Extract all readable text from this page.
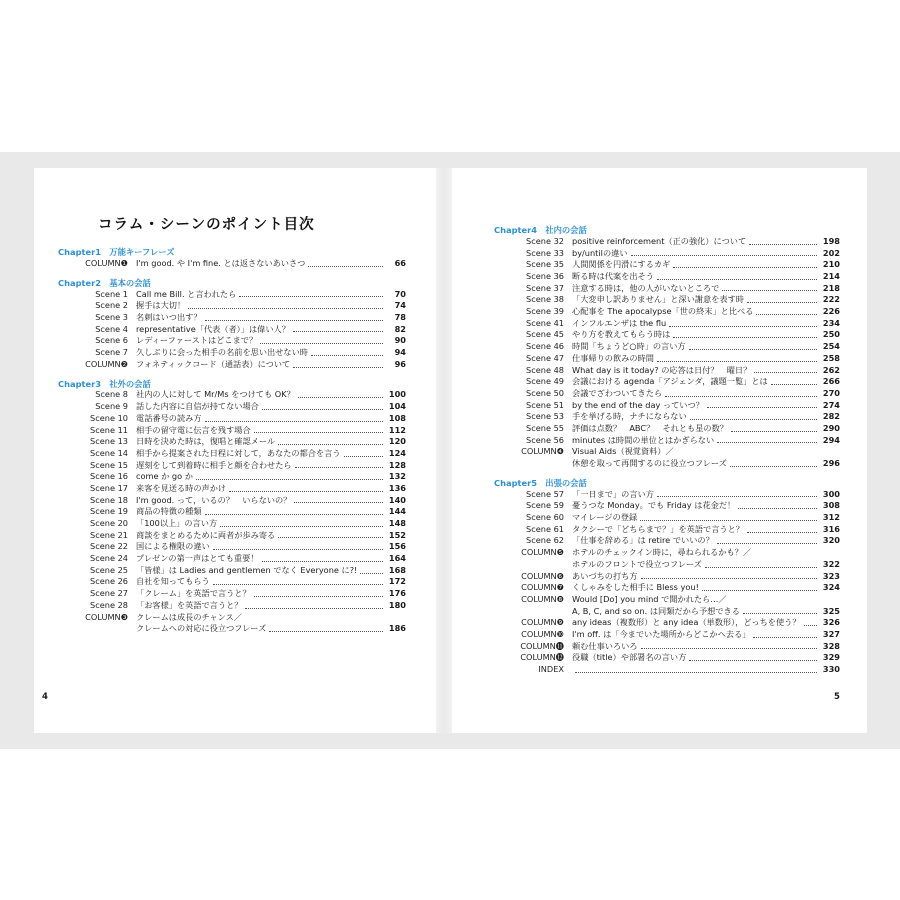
コラム・シーンのポイント目次
Chapter1　万能キーフレーズ
COLUMN❶ I'm good. や I'm fine. とは返さないあいさつ	66
Chapter2　基本の会話
Scene 1 Call me Bill. と言われたら	70
Scene 2 握手は大切！	74
Scene 3 名刺はいつ出す？	78
Scene 4 representative「代表（者）」は偉い人？	82
Scene 6 レディーファーストはどこまで？	90
Scene 7 久しぶりに会った相手の名前を思い出せない時	94
COLUMN❷ フォネティックコード（通話表）について	96
Chapter3　社外の会話
Scene 8 社内の人に対して Mr/Ms をつけても OK？	100
Scene 9 話した内容に自信が持てない場合	104
Scene 10 電話番号の読み方	108
Scene 11 相手の留守電に伝言を残す場合	112
Scene 13 日時を決めた時は，復唱と確認メール	120
Scene 14 相手から提案された日程に対して，あなたの都合を言う	124
Scene 15 遅刻をして到着時に相手と顔を合わせたら	128
Scene 16 come か go か	132
Scene 17 来客を見送る時の声かけ	136
Scene 18 I'm good. って，いるの？　いらないの？	140
Scene 19 商品の特徴の種類	144
Scene 20 「100以上」の言い方	148
Scene 21 商談をまとめるために両者が歩み寄る	152
Scene 22 国による権限の違い	156
Scene 24 プレゼンの第一声はとても重要！	164
Scene 25 「皆様」は Ladies and gentlemen でなく Everyone に?!	168
Scene 26 自社を知ってもらう	172
Scene 27 「クレーム」を英語で言うと？	176
Scene 28 「お客様」を英語で言うと？	180
COLUMN❸ クレームは成長のチャンス／
クレームへの対応に役立つフレーズ	186
Chapter4　社内の会話
Scene 32 positive reinforcement（正の強化）について	198
Scene 33 by/untilの違い	202
Scene 35 人間関係を円滑にするカギ	210
Scene 36 断る時は代案を出そう	214
Scene 37 注意する時は，他の人がいないところで	218
Scene 38 「大変申し訳ありません」と深い謝意を表す時	222
Scene 39 心配事を The apocalypse「世の終末」と比べる	226
Scene 41 インフルエンザは the flu	234
Scene 45 やり方を教えてもらう時は	250
Scene 46 時間「ちょうど○時」の言い方	254
Scene 47 仕事帰りの飲みの時間	258
Scene 48 What day is it today? の応答は日付？　曜日？	262
Scene 49 会議における agenda「アジェンダ，議題一覧」とは	266
Scene 50 会議でざわついてきたら	270
Scene 51 by the end of the day っていつ？	274
Scene 53 手を挙げる時，ナチにならない	282
Scene 55 評価は点数？　ABC？　それとも星の数？	290
Scene 56 minutes は時間の単位とはかぎらない	294
COLUMN❹ Visual Aids（視覚資料）／
休憩を取って再開するのに役立つフレーズ	296
Chapter5　出張の会話
Scene 57 「一日まで」の言い方	300
Scene 59 憂うつな Monday。でも Friday は花金だ！	308
Scene 60 マイレージの登録	312
Scene 61 タクシーで「どちらまで？」を英語で言うと？	316
Scene 62 「仕事を辞める」は retire でいいの？	320
COLUMN❺ ホテルのチェックイン時に，尋ねられるかも？／
ホテルのフロントで役立つフレーズ	322
COLUMN❻ あいづちの打ち方	323
COLUMN❼ くしゃみをした相手に Bless you!	324
COLUMN❽ Would [Do] you mind で聞かれたら…／
A, B, C, and so on. は同類だから予想できる	325
COLUMN❾ any ideas（複数形）と any idea（単数形），どっちを使う？	326
COLUMN❿ I'm off. は「今までいた場所からどこかへ去る」	327
COLUMN⓫ 頼む仕事いろいろ	328
COLUMN⓬ 役職（title）や部署名の言い方	329
INDEX	330
4	5
